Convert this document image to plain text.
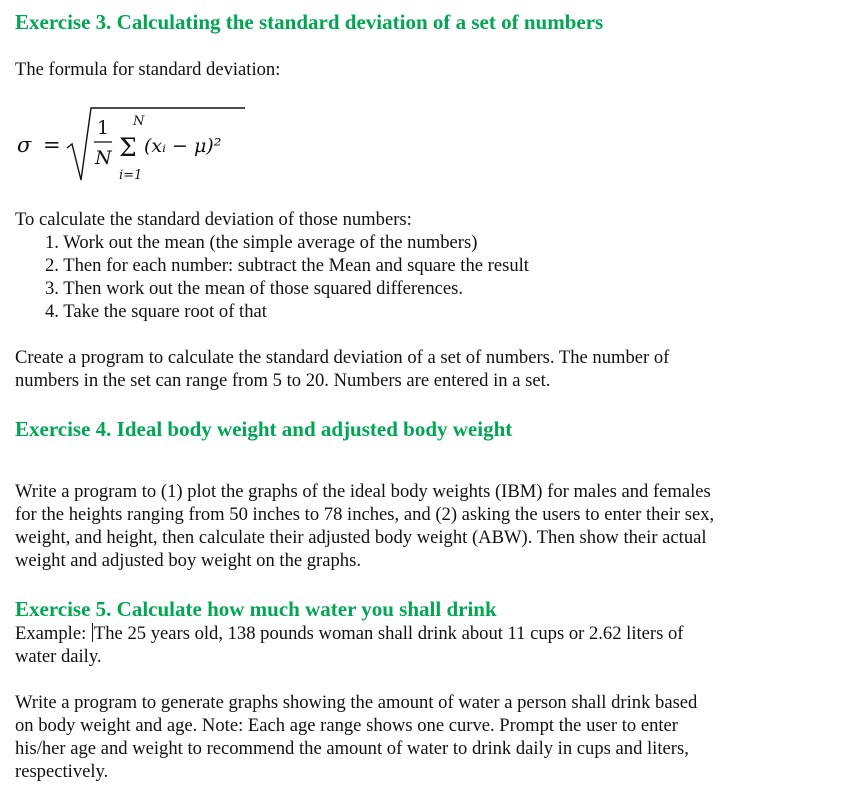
Exercise 3. Calculating the standard deviation of a set of numbers

The formula for standard deviation:

σ =
1
N
N
Σ
i=1
(xᵢ − μ)²

To calculate the standard deviation of those numbers:

1. Work out the mean (the simple average of the numbers)
2. Then for each number: subtract the Mean and square the result
3. Then work out the mean of those squared differences.
4. Take the square root of that

Create a program to calculate the standard deviation of a set of numbers. The number of
numbers in the set can range from 5 to 20. Numbers are entered in a set.

Exercise 4. Ideal body weight and adjusted body weight

Write a program to (1) plot the graphs of the ideal body weights (IBM) for males and females
for the heights ranging from 50 inches to 78 inches, and (2) asking the users to enter their sex,
weight, and height, then calculate their adjusted body weight (ABW). Then show their actual
weight and adjusted boy weight on the graphs.

Exercise 5. Calculate how much water you shall drink

Example: The 25 years old, 138 pounds woman shall drink about 11 cups or 2.62 liters of
water daily.

Write a program to generate graphs showing the amount of water a person shall drink based
on body weight and age. Note: Each age range shows one curve. Prompt the user to enter
his/her age and weight to recommend the amount of water to drink daily in cups and liters,
respectively.
